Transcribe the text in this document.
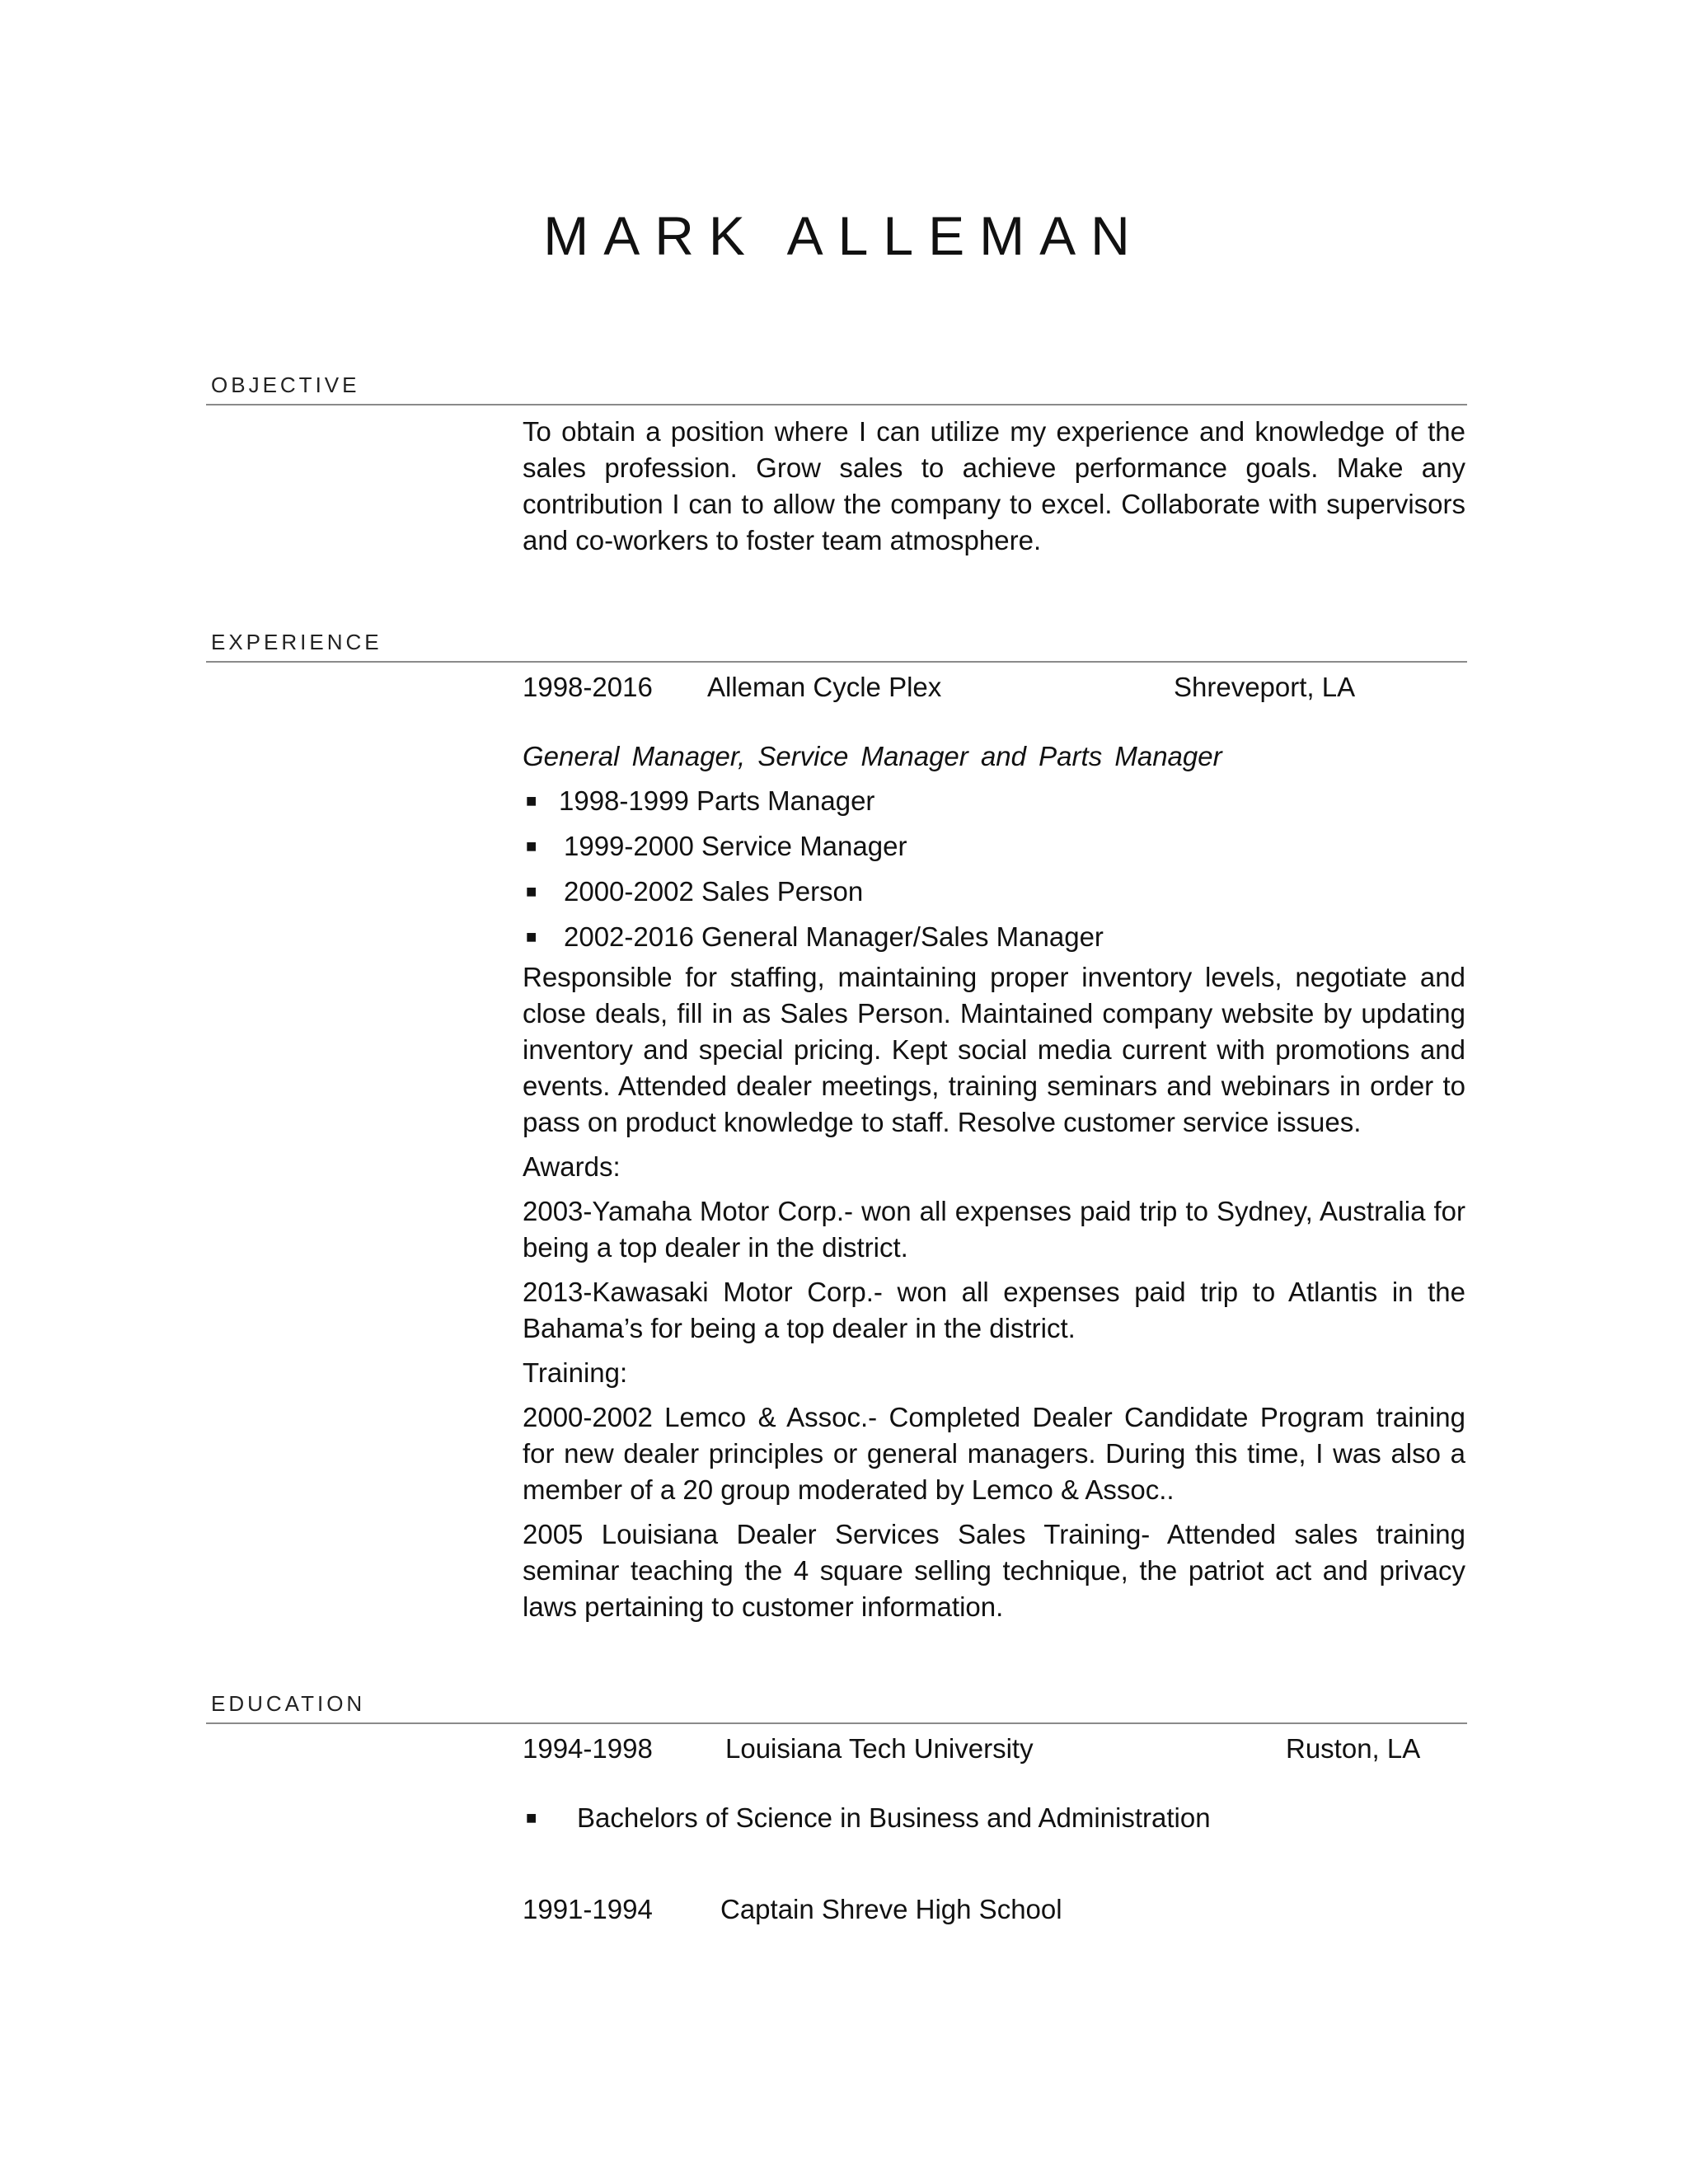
MARK ALLEMAN
OBJECTIVE
To obtain a position where I can utilize my experience and knowledge of the sales profession. Grow sales to achieve performance goals. Make any contribution I can to allow the company to excel. Collaborate with supervisors and co-workers to foster team atmosphere.
EXPERIENCE
1998-2016 Alleman Cycle Plex	Shreveport, LA
General Manager, Service Manager and Parts Manager
■ 1998-1999 Parts Manager
■ 1999-2000 Service Manager
■ 2000-2002 Sales Person
■ 2002-2016 General Manager/Sales Manager

Responsible for staffing, maintaining proper inventory levels, negotiate and close deals, fill in as Sales Person. Maintained company website by updating inventory and special pricing. Kept social media current with promotions and events. Attended dealer meetings, training seminars and webinars in order to pass on product knowledge to staff. Resolve customer service issues.

Awards:

2003-Yamaha Motor Corp.- won all expenses paid trip to Sydney, Australia for being a top dealer in the district.

2013-Kawasaki Motor Corp.- won all expenses paid trip to Atlantis in the Bahama’s for being a top dealer in the district.

Training:

2000-2002 Lemco & Assoc.- Completed Dealer Candidate Program training for new dealer principles or general managers. During this time, I was also a member of a 20 group moderated by Lemco & Assoc..

2005 Louisiana Dealer Services Sales Training- Attended sales training seminar teaching the 4 square selling technique, the patriot act and privacy laws pertaining to customer information.

EDUCATION
1994-1998	Louisiana Tech University	Ruston, LA
■ Bachelors of Science in Business and Administration
1991-1994 Captain Shreve High School
